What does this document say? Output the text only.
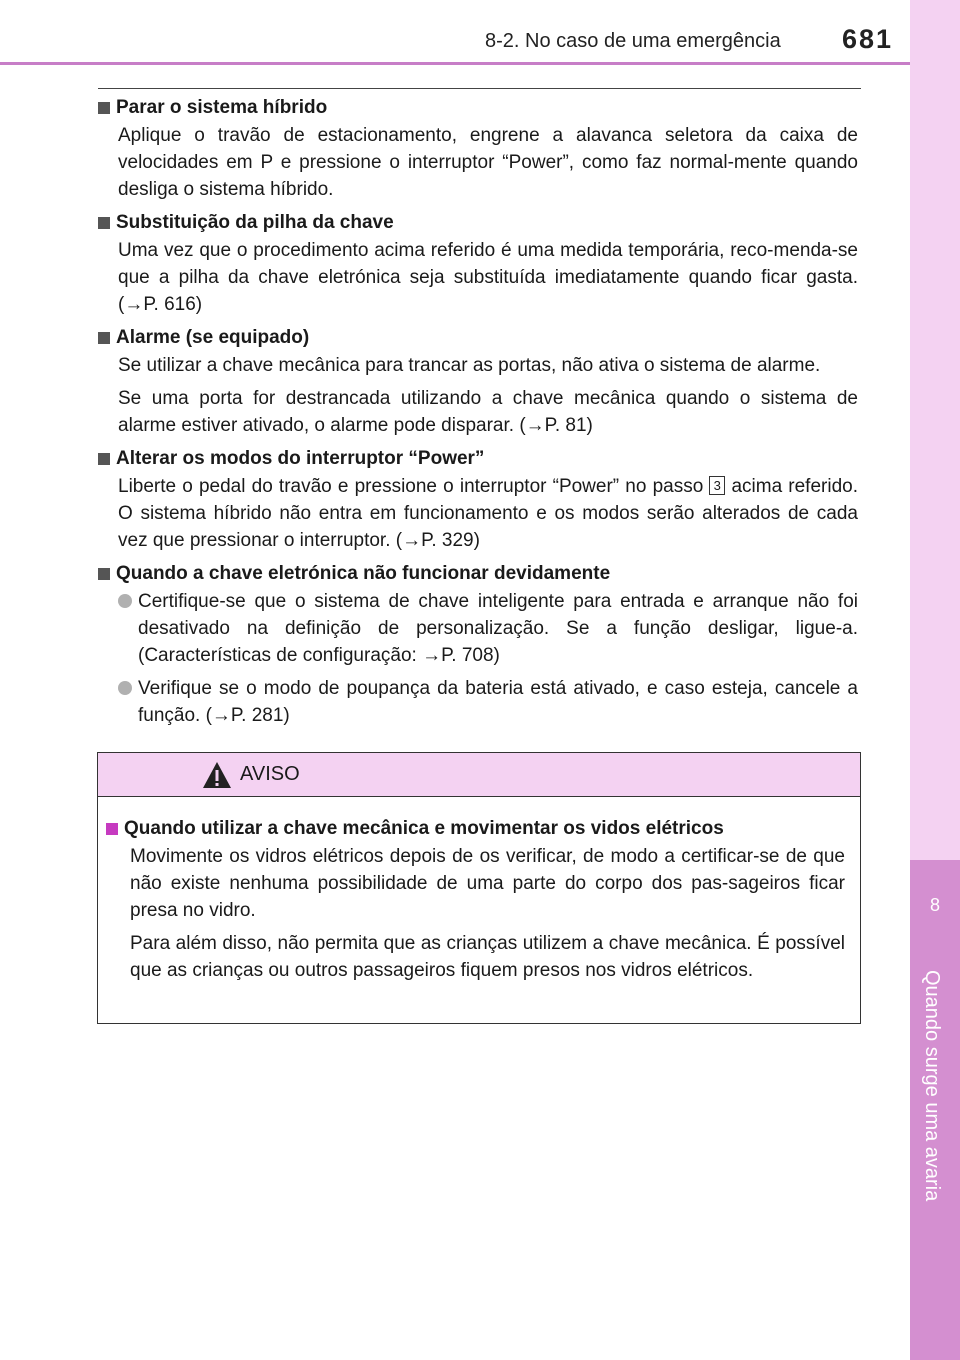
8-2. No caso de uma emergência 681
8
Quando surge uma avaria
Parar o sistema híbrido
Aplique o travão de estacionamento, engrene a alavanca seletora da caixa de velocidades em P e pressione o interruptor “Power”, como faz normal-mente quando desliga o sistema híbrido.
Substituição da pilha da chave
Uma vez que o procedimento acima referido é uma medida temporária, reco-menda-se que a pilha da chave eletrónica seja substituída imediatamente quando ficar gasta. (→P. 616)
Alarme (se equipado)
Se utilizar a chave mecânica para trancar as portas, não ativa o sistema de alarme.
Se uma porta for destrancada utilizando a chave mecânica quando o sistema de alarme estiver ativado, o alarme pode disparar. (→P. 81)
Alterar os modos do interruptor “Power”
Liberte o pedal do travão e pressione o interruptor “Power” no passo 3 acima referido. O sistema híbrido não entra em funcionamento e os modos serão alterados de cada vez que pressionar o interruptor. (→P. 329)
Quando a chave eletrónica não funcionar devidamente
Certifique-se que o sistema de chave inteligente para entrada e arranque não foi desativado na definição de personalização. Se a função desligar, ligue-a. (Características de configuração: →P. 708)
Verifique se o modo de poupança da bateria está ativado, e caso esteja, cancele a função. (→P. 281)
AVISO
Quando utilizar a chave mecânica e movimentar os vidos elétricos
Movimente os vidros elétricos depois de os verificar, de modo a certificar-se de que não existe nenhuma possibilidade de uma parte do corpo dos pas-sageiros ficar presa no vidro.
Para além disso, não permita que as crianças utilizem a chave mecânica. É possível que as crianças ou outros passageiros fiquem presos nos vidros elétricos.
